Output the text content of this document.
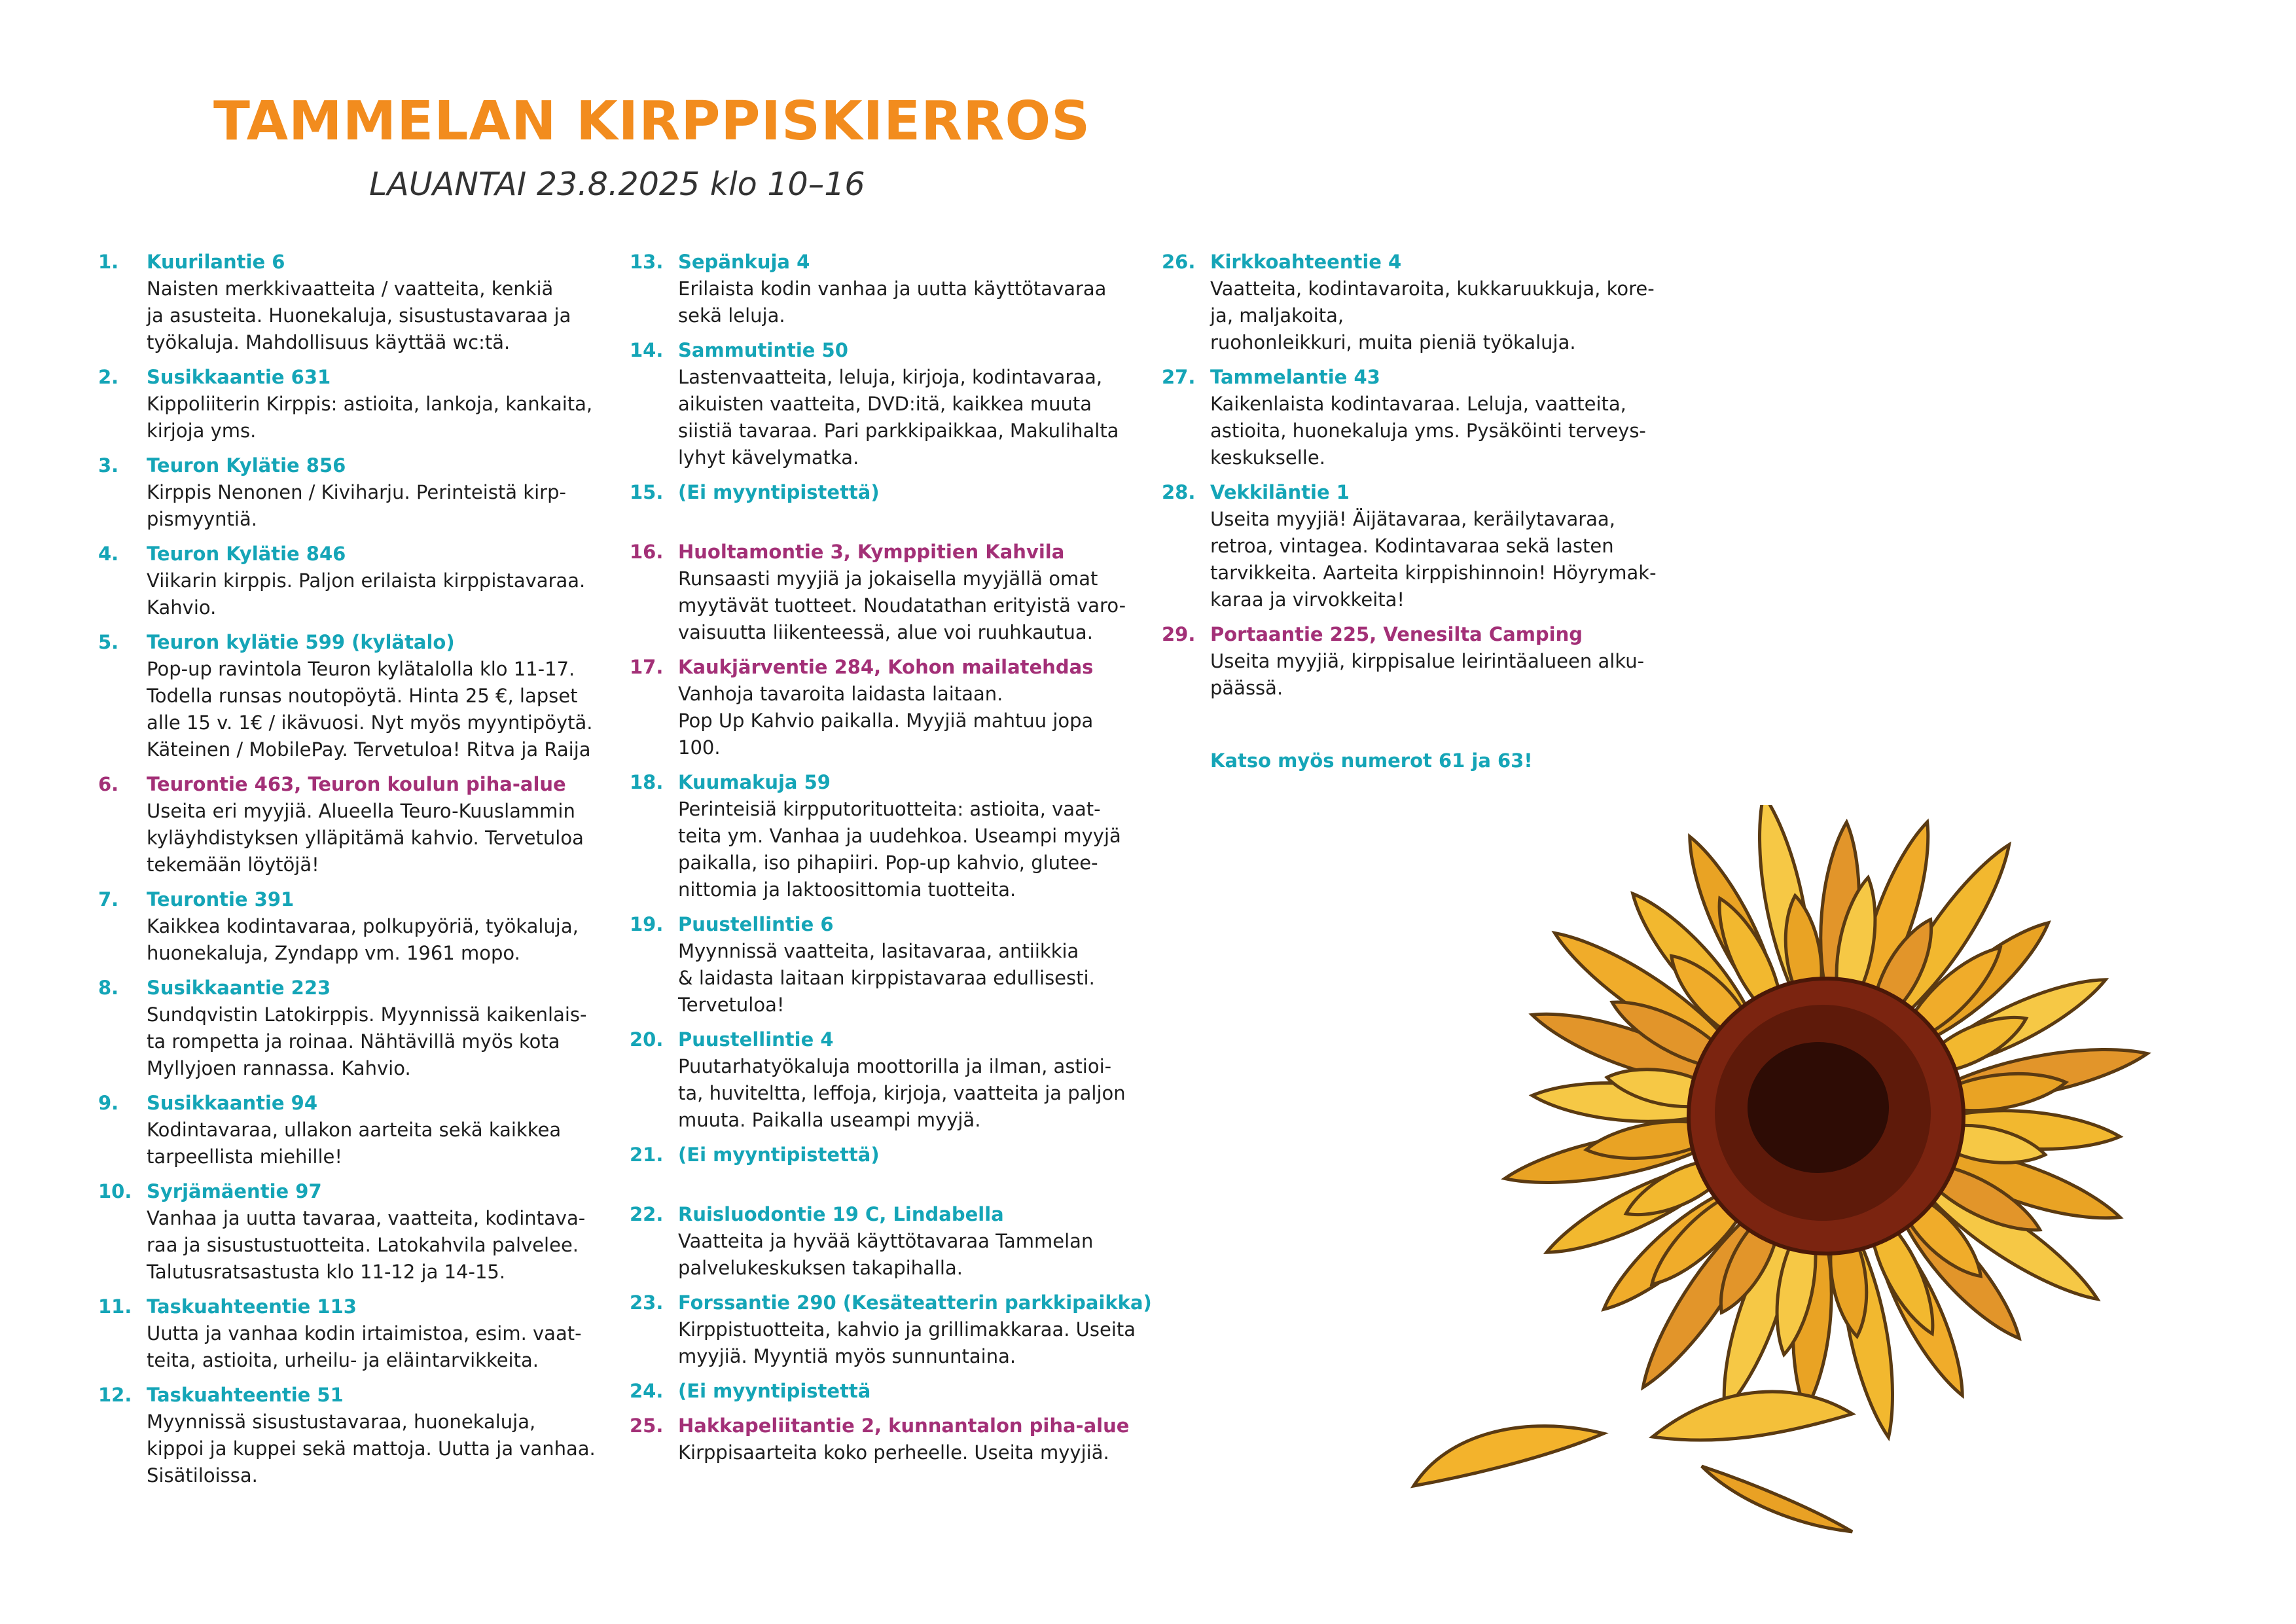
TAMMELAN KIRPPISKIERROS

LAUANTAI 23.8.2025 klo 10–16

1.	Kuurilantie 6
Naisten merkkivaatteita / vaatteita, kenkiä
ja asusteita. Huonekaluja, sisustustavaraa ja
työkaluja. Mahdollisuus käyttää wc:tä.
2.	Susikkaantie 631
Kippoliiterin Kirppis: astioita, lankoja, kankaita,
kirjoja yms.
3.	Teuron Kylätie 856
Kirppis Nenonen / Kiviharju. Perinteistä kirp-
pismyyntiä.
4.	Teuron Kylätie 846
Viikarin kirppis. Paljon erilaista kirppistavaraa.
Kahvio.
5.	Teuron kylätie 599 (kylätalo)
Pop-up ravintola Teuron kylätalolla klo 11-17.
Todella runsas noutopöytä. Hinta 25 €, lapset
alle 15 v. 1€ / ikävuosi. Nyt myös myyntipöytä.
Käteinen / MobilePay. Tervetuloa! Ritva ja Raija
6.	Teurontie 463, Teuron koulun piha-alue
Useita eri myyjiä. Alueella Teuro-Kuuslammin
kyläyhdistyksen ylläpitämä kahvio. Tervetuloa
tekemään löytöjä!
7.	Teurontie 391
Kaikkea kodintavaraa, polkupyöriä, työkaluja,
huonekaluja, Zyndapp vm. 1961 mopo.
8.	Susikkaantie 223
Sundqvistin Latokirppis. Myynnissä kaikenlais-
ta rompetta ja roinaa. Nähtävillä myös kota
Myllyjoen rannassa. Kahvio.
9.	Susikkaantie 94
Kodintavaraa, ullakon aarteita sekä kaikkea
tarpeellista miehille!
10. Syrjämäentie 97
Vanhaa ja uutta tavaraa, vaatteita, kodintava-
raa ja sisustustuotteita. Latokahvila palvelee.
Talutusratsastusta klo 11-12 ja 14-15.
11. Taskuahteentie 113
Uutta ja vanhaa kodin irtaimistoa, esim. vaat-
teita, astioita, urheilu- ja eläintarvikkeita.
12. Taskuahteentie 51
Myynnissä sisustustavaraa, huonekaluja,
kippoi ja kuppei sekä mattoja. Uutta ja vanhaa.
Sisätiloissa.
13. Sepänkuja 4
Erilaista kodin vanhaa ja uutta käyttötavaraa
sekä leluja.
14. Sammutintie 50
Lastenvaatteita, leluja, kirjoja, kodintavaraa,
aikuisten vaatteita, DVD:itä, kaikkea muuta
siistiä tavaraa. Pari parkkipaikkaa, Makulihalta
lyhyt kävelymatka.
15. (Ei myyntipistettä)
16. Huoltamontie 3, Kymppitien Kahvila
Runsaasti myyjiä ja jokaisella myyjällä omat
myytävät tuotteet. Noudatathan erityistä varo-
vaisuutta liikenteessä, alue voi ruuhkautua.
17. Kaukjärventie 284, Kohon mailatehdas
Vanhoja tavaroita laidasta laitaan.
Pop Up Kahvio paikalla. Myyjiä mahtuu jopa
100.
18. Kuumakuja 59
Perinteisiä kirpputorituotteita: astioita, vaat-
teita ym. Vanhaa ja uudehkoa. Useampi myyjä
paikalla, iso pihapiiri. Pop-up kahvio, glutee-
nittomia ja laktoosittomia tuotteita.
19. Puustellintie 6
Myynnissä vaatteita, lasitavaraa, antiikkia
& laidasta laitaan kirppistavaraa edullisesti.
Tervetuloa!
20. Puustellintie 4
Puutarhatyökaluja moottorilla ja ilman, astioi-
ta, huviteltta, leffoja, kirjoja, vaatteita ja paljon
muuta. Paikalla useampi myyjä.
21. (Ei myyntipistettä)
22. Ruisluodontie 19 C, Lindabella
Vaatteita ja hyvää käyttötavaraa Tammelan
palvelukeskuksen takapihalla.
23. Forssantie 290 (Kesäteatterin parkkipaikka)
Kirppistuotteita, kahvio ja grillimakkaraa. Useita
myyjiä. Myyntiä myös sunnuntaina.
24. (Ei myyntipistettä
25. Hakkapeliitantie 2, kunnantalon piha-alue
Kirppisaarteita koko perheelle. Useita myyjiä.
26. Kirkkoahteentie 4
Vaatteita, kodintavaroita, kukkaruukkuja, kore-
ja, maljakoita,
ruohonleikkuri, muita pieniä työkaluja.
27. Tammelantie 43
Kaikenlaista kodintavaraa. Leluja, vaatteita,
astioita, huonekaluja yms. Pysäköinti terveys-
keskukselle.
28. Vekkilāntie 1
Useita myyjiä! Äijätavaraa, keräilytavaraa,
retroa, vintagea. Kodintavaraa sekä lasten
tarvikkeita. Aarteita kirppishinnoin! Höyrymak-
karaa ja virvokkeita!
29. Portaantie 225, Venesilta Camping
Useita myyjiä, kirppisalue leirintäalueen alku-
päässä.
Katso myös numerot 61 ja 63!
